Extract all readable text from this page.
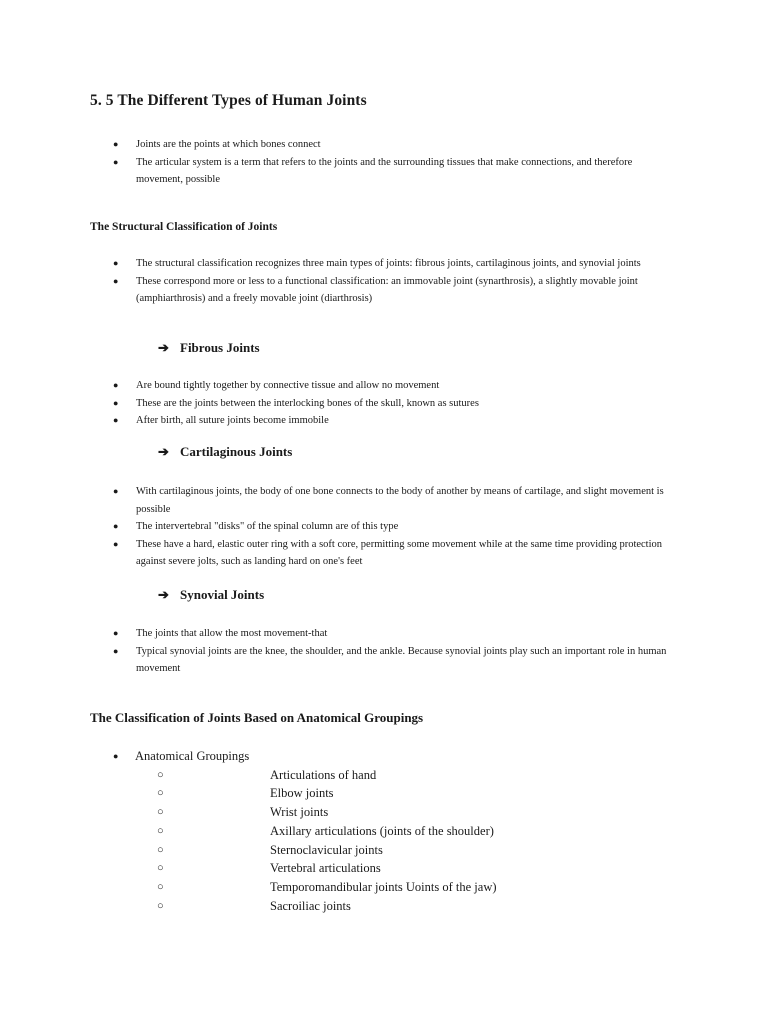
5. 5 The Different Types of Human Joints
● Joints are the points at which bones connect
● The articular system is a term that refers to the joints and the surrounding tissues that make connections, and therefore movement, possible
The Structural Classification of Joints
● The structural classification recognizes three main types of joints: fibrous joints, cartilaginous joints, and synovial joints
● These correspond more or less to a functional classification: an immovable joint (synarthrosis), a slightly movable joint (amphiarthrosis) and a freely movable joint (diarthrosis)
➔ Fibrous Joints
● Are bound tightly together by connective tissue and allow no movement
● These are the joints between the interlocking bones of the skull, known as sutures
● After birth, all suture joints become immobile
➔ Cartilaginous Joints
● With cartilaginous joints, the body of one bone connects to the body of another by means of cartilage, and slight movement is possible
● The intervertebral "disks" of the spinal column are of this type
● These have a hard, elastic outer ring with a soft core, permitting some movement while at the same time providing protection against severe jolts, such as landing hard on one's feet
➔ Synovial Joints
● The joints that allow the most movement-that
● Typical synovial joints are the knee, the shoulder, and the ankle. Because synovial joints play such an important role in human movement
The Classification of Joints Based on Anatomical Groupings
● Anatomical Groupings
○	Articulations of hand
○	Elbow joints
○	Wrist joints
○	Axillary articulations (joints of the shoulder)
○	Sternoclavicular joints
○	Vertebral articulations
○	Temporomandibular joints Uoints of the jaw)
○	Sacroiliac joints
